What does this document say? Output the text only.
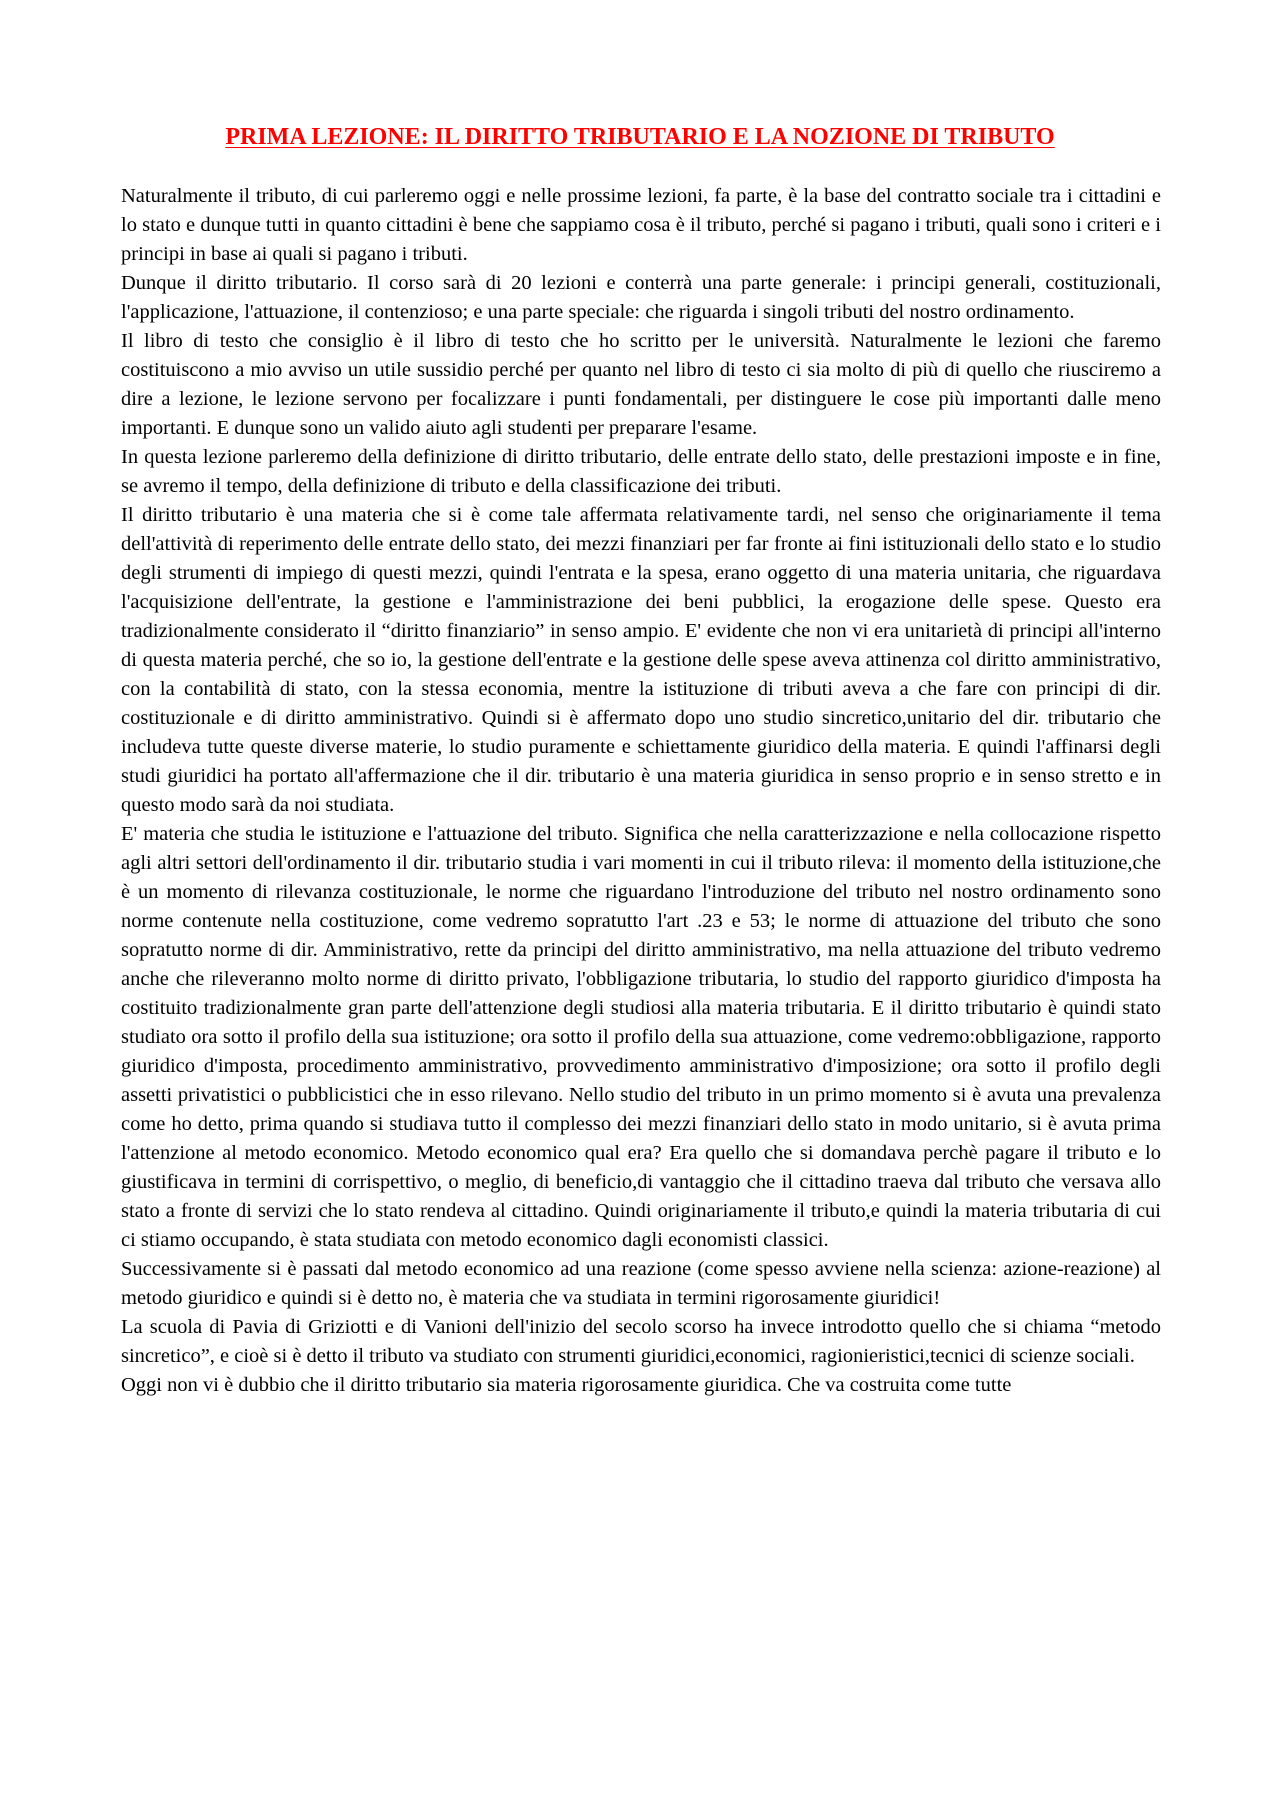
PRIMA LEZIONE: IL DIRITTO TRIBUTARIO E LA NOZIONE DI TRIBUTO

Naturalmente il tributo, di cui parleremo oggi e nelle prossime lezioni, fa parte, è la base del contratto sociale tra i cittadini e lo stato e dunque tutti in quanto cittadini è bene che sappiamo cosa è il tributo, perché si pagano i tributi, quali sono i criteri e i principi in base ai quali si pagano i tributi.

Dunque il diritto tributario. Il corso sarà di 20 lezioni e conterrà una parte generale: i principi generali, costituzionali, l'applicazione, l'attuazione, il contenzioso; e una parte speciale: che riguarda i singoli tributi del nostro ordinamento.

Il libro di testo che consiglio è il libro di testo che ho scritto per le università. Naturalmente le lezioni che faremo costituiscono a mio avviso un utile sussidio perché per quanto nel libro di testo ci sia molto di più di quello che riusciremo a dire a lezione, le lezione servono per focalizzare i punti fondamentali, per distinguere le cose più importanti dalle meno importanti. E dunque sono un valido aiuto agli studenti per preparare l'esame.

In questa lezione parleremo della definizione di diritto tributario, delle entrate dello stato, delle prestazioni imposte e in fine, se avremo il tempo, della definizione di tributo e della classificazione dei tributi.

Il diritto tributario è una materia che si è come tale affermata relativamente tardi, nel senso che originariamente il tema dell'attività di reperimento delle entrate dello stato, dei mezzi finanziari per far fronte ai fini istituzionali dello stato e lo studio degli strumenti di impiego di questi mezzi, quindi l'entrata e la spesa, erano oggetto di una materia unitaria, che riguardava l'acquisizione dell'entrate, la gestione e l'amministrazione dei beni pubblici, la erogazione delle spese. Questo era tradizionalmente considerato il “diritto finanziario” in senso ampio. E' evidente che non vi era unitarietà di principi all'interno di questa materia perché, che so io, la gestione dell'entrate e la gestione delle spese aveva attinenza col diritto amministrativo, con la contabilità di stato, con la stessa economia, mentre la istituzione di tributi aveva a che fare con principi di dir. costituzionale e di diritto amministrativo. Quindi si è affermato dopo uno studio sincretico,unitario del dir. tributario che includeva tutte queste diverse materie, lo studio puramente e schiettamente giuridico della materia. E quindi l'affinarsi degli studi giuridici ha portato all'affermazione che il dir. tributario è una materia giuridica in senso proprio e in senso stretto e in questo modo sarà da noi studiata.

E' materia che studia le istituzione e l'attuazione del tributo. Significa che nella caratterizzazione e nella collocazione rispetto agli altri settori dell'ordinamento il dir. tributario studia i vari momenti in cui il tributo rileva: il momento della istituzione,che è un momento di rilevanza costituzionale, le norme che riguardano l'introduzione del tributo nel nostro ordinamento sono norme contenute nella costituzione, come vedremo sopratutto l'art .23 e 53; le norme di attuazione del tributo che sono sopratutto norme di dir. Amministrativo, rette da principi del diritto amministrativo, ma nella attuazione del tributo vedremo anche che rileveranno molto norme di diritto privato, l'obbligazione tributaria, lo studio del rapporto giuridico d'imposta ha costituito tradizionalmente gran parte dell'attenzione degli studiosi alla materia tributaria. E il diritto tributario è quindi stato studiato ora sotto il profilo della sua istituzione; ora sotto il profilo della sua attuazione, come vedremo:obbligazione, rapporto giuridico d'imposta, procedimento amministrativo, provvedimento amministrativo d'imposizione; ora sotto il profilo degli assetti privatistici o pubblicistici che in esso rilevano. Nello studio del tributo in un primo momento si è avuta una prevalenza come ho detto, prima quando si studiava tutto il complesso dei mezzi finanziari dello stato in modo unitario, si è avuta prima l'attenzione al metodo economico. Metodo economico qual era? Era quello che si domandava perchè pagare il tributo e lo giustificava in termini di corrispettivo, o meglio, di beneficio,di vantaggio che il cittadino traeva dal tributo che versava allo stato a fronte di servizi che lo stato rendeva al cittadino. Quindi originariamente il tributo,e quindi la materia tributaria di cui ci stiamo occupando, è stata studiata con metodo economico dagli economisti classici.

Successivamente si è passati dal metodo economico ad una reazione (come spesso avviene nella scienza: azione-reazione) al metodo giuridico e quindi si è detto no, è materia che va studiata in termini rigorosamente giuridici!

La scuola di Pavia di Griziotti e di Vanioni dell'inizio del secolo scorso ha invece introdotto quello che si chiama “metodo sincretico”, e cioè si è detto il tributo va studiato con strumenti giuridici,economici, ragionieristici,tecnici di scienze sociali.

Oggi non vi è dubbio che il diritto tributario sia materia rigorosamente giuridica. Che va costruita come tutte
